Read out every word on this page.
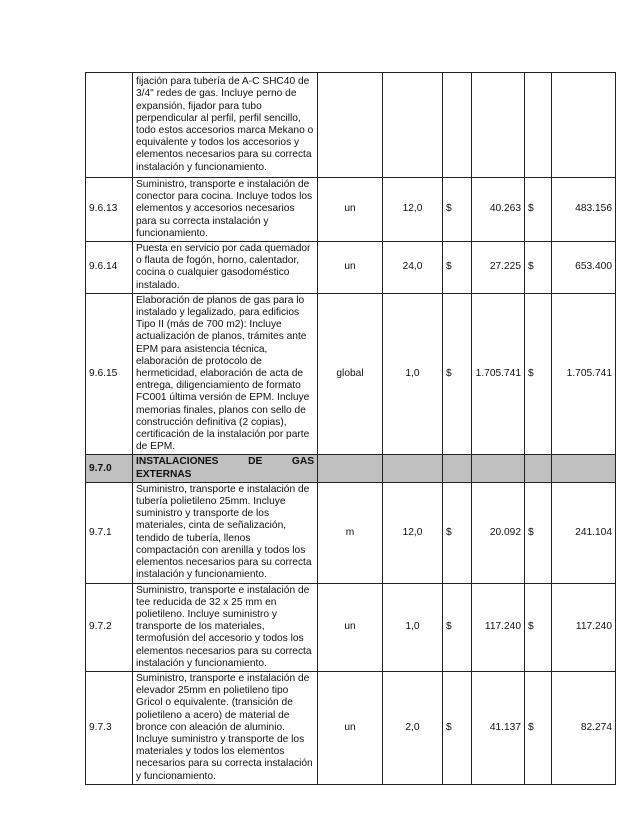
	fijación para tubería de A-C SHC40 de 3/4" redes de gas. Incluye perno de expansión, fijador para tubo perpendicular al perfil, perfil sencillo, todo estos accesorios marca Mekano o equivalente y todos los accesorios y elementos necesarios para su correcta instalación y funcionamiento.						
9.6.13	Suministro, transporte e instalación de conector para cocina. Incluye todos los elementos y accesorios necesarios para su correcta instalación y funcionamiento.	un	12,0	$	40.263	$	483.156
9.6.14	Puesta en servicio por cada quemador o flauta de fogón, horno, calentador, cocina o cualquier gasodoméstico instalado.	un	24,0	$	27.225	$	653.400
9.6.15	Elaboración de planos de gas para lo instalado y legalizado, para edificios Tipo II (más de 700 m2): Incluye actualización de planos, trámites ante EPM para asistencia técnica, elaboración de protocolo de hermeticidad, elaboración de acta de entrega, diligenciamiento de formato FC001 última versión de EPM. Incluye memorias finales, planos con sello de construcción definitiva (2 copias), certificación de la instalación por parte de EPM.	global	1,0	$	1.705.741	$	1.705.741
9.7.0	INSTALACIONES DE GAS
EXTERNAS						

9.7.1	Suministro, transporte e instalación de tubería polietileno 25mm. Incluye suministro y transporte de los materiales, cinta de señalización, tendido de tubería, llenos compactación con arenilla y todos los elementos necesarios para su correcta instalación y funcionamiento.	m	12,0	$	20.092	$	241.104
9.7.2	Suministro, transporte e instalación de tee reducida de 32 x 25 mm en polietileno. Incluye suministro y transporte de los materiales, termofusión del accesorio y todos los elementos necesarios para su correcta instalación y funcionamiento.	un	1,0	$	117.240	$	117.240
9.7.3	Suministro, transporte e instalación de elevador 25mm en polietileno tipo Gricol o equivalente. (transición de polietileno a acero) de material de bronce con aleación de aluminio. Incluye suministro y transporte de los materiales y todos los elementos necesarios para su correcta instalación y funcionamiento.	un	2,0	$	41.137	$	82.274
